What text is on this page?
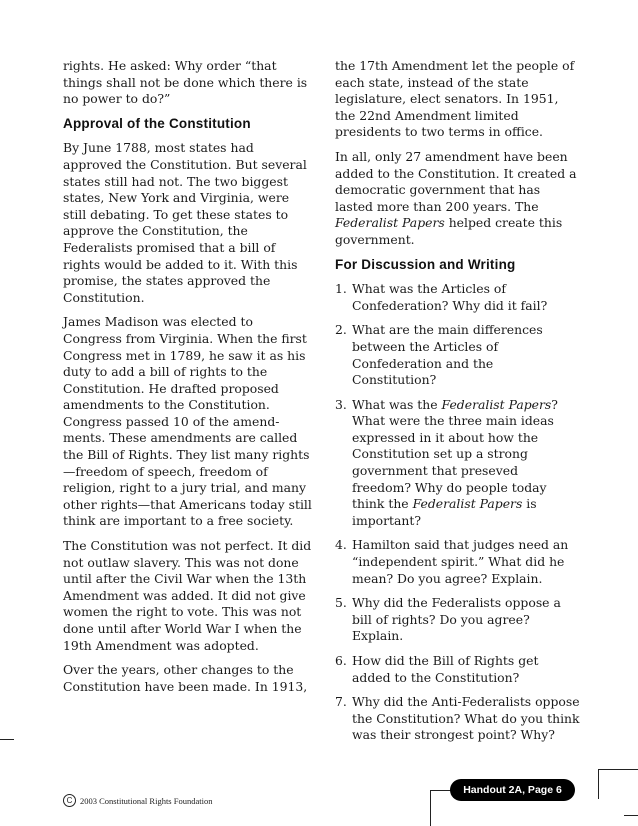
rights. He asked: Why order “that things shall not be done which there is no power to do?”

Approval of the Constitution

By June 1788, most states had approved the Constitution. But several states still had not. The two biggest states, New York and Virginia, were still debating. To get these states to approve the Constitution, the Federalists promised that a bill of rights would be added to it. With this promise, the states approved the Constitution.

James Madison was elected to Congress from Virginia. When the first Congress met in 1789, he saw it as his duty to add a bill of rights to the Constitution. He drafted proposed amendments to the Constitution. Congress passed 10 of the amend-ments. These amendments are called the Bill of Rights. They list many rights—freedom of speech, freedom of religion, right to a jury trial, and many other rights—that Americans today still think are important to a free society.

The Constitution was not perfect. It did not outlaw slavery. This was not done until after the Civil War when the 13th Amendment was added. It did not give women the right to vote. This was not done until after World War I when the 19th Amendment was adopted.

Over the years, other changes to the Constitution have been made. In 1913,

the 17th Amendment let the people of each state, instead of the state legislature, elect senators. In 1951, the 22nd Amendment limited presidents to two terms in office.

In all, only 27 amendment have been added to the Constitution. It created a democratic government that has lasted more than 200 years. The Federalist Papers helped create this government.

For Discussion and Writing
1. What was the Articles of Confederation? Why did it fail?
2. What are the main differences between the Articles of Confederation and the Constitution?
3. What was the Federalist Papers? What were the three main ideas expressed in it about how the Constitution set up a strong government that preseved freedom? Why do people today think the Federalist Papers is important?
4. Hamilton said that judges need an “independent spirit.” What did he mean? Do you agree? Explain.
5. Why did the Federalists oppose a bill of rights? Do you agree? Explain.
6. How did the Bill of Rights get added to the Constitution?
7. Why did the Anti-Federalists oppose the Constitution? What do you think was their strongest point? Why?
C 2003 Constitutional Rights Foundation
Handout 2A, Page 6
